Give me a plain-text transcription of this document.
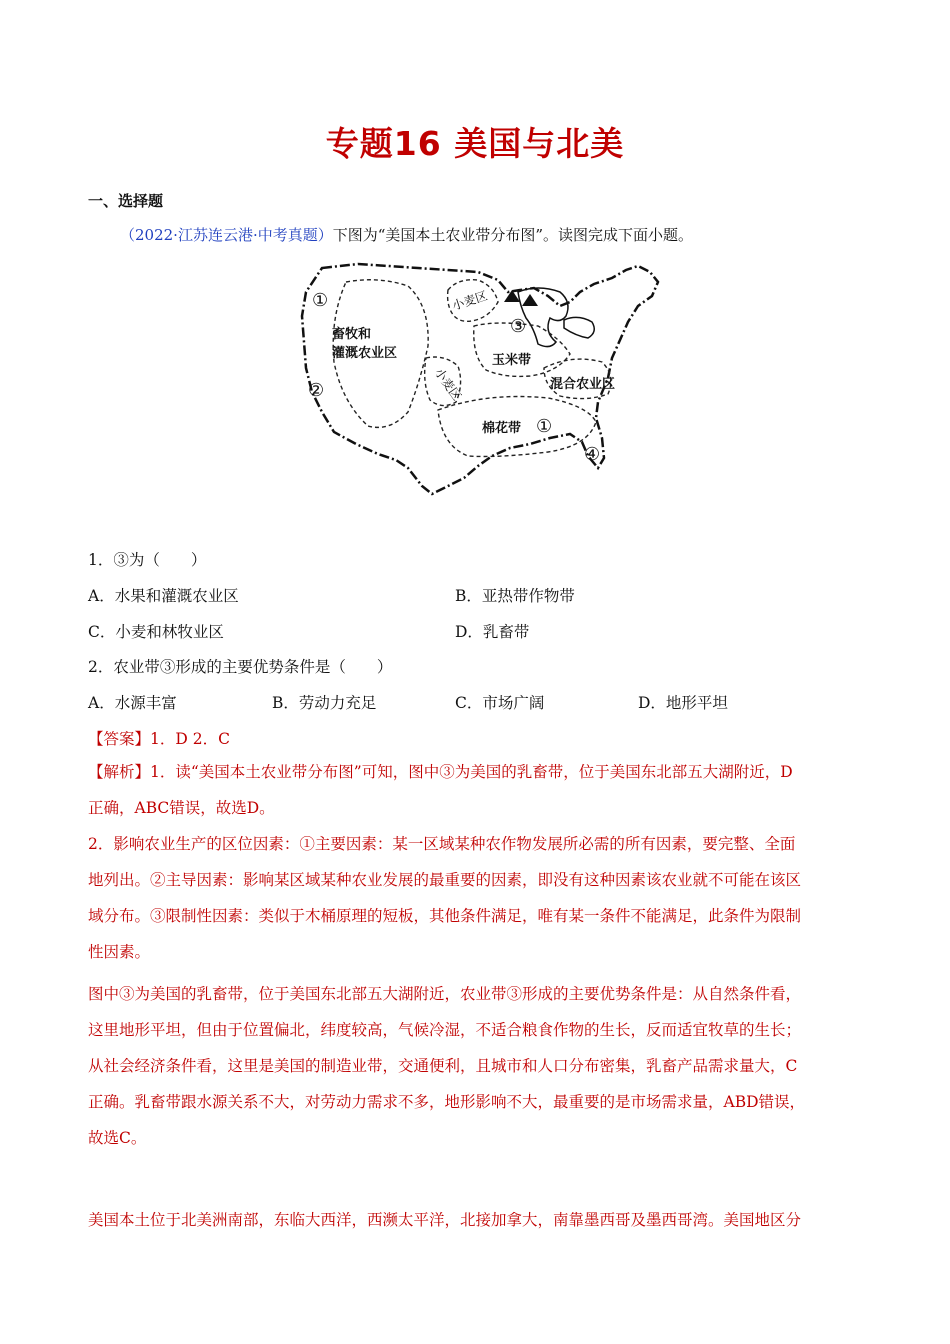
专题16 美国与北美
一、选择题
（2022·江苏连云港·中考真题）下图为“美国本土农业带分布图”。读图完成下面小题。
畜牧和
灌溉农业区
小麦区
玉米带
小麦区	混合农业区
棉花带
①
②
③
①
④
1．③为（　　）
A．水果和灌溉农业区	B．亚热带作物带
C．小麦和林牧业区	D．乳畜带
2．农业带③形成的主要优势条件是（　　）
A．水源丰富	B．劳动力充足	C．市场广阔	D．地形平坦
【答案】1．D 2．C
【解析】1．读“美国本土农业带分布图”可知，图中③为美国的乳畜带，位于美国东北部五大湖附近，D
正确，ABC错误，故选D。
2．影响农业生产的区位因素：①主要因素：某一区域某种农作物发展所必需的所有因素，要完整、全面
地列出。②主导因素：影响某区域某种农业发展的最重要的因素，即没有这种因素该农业就不可能在该区
域分布。③限制性因素：类似于木桶原理的短板，其他条件满足，唯有某一条件不能满足，此条件为限制
性因素。
图中③为美国的乳畜带，位于美国东北部五大湖附近，农业带③形成的主要优势条件是：从自然条件看，
这里地形平坦，但由于位置偏北，纬度较高，气候冷湿，不适合粮食作物的生长，反而适宜牧草的生长；
从社会经济条件看，这里是美国的制造业带，交通便利，且城市和人口分布密集，乳畜产品需求量大，C
正确。乳畜带跟水源关系不大，对劳动力需求不多，地形影响不大，最重要的是市场需求量，ABD错误，
故选C。
美国本土位于北美洲南部，东临大西洋，西濒太平洋，北接加拿大，南靠墨西哥及墨西哥湾。美国地区分
